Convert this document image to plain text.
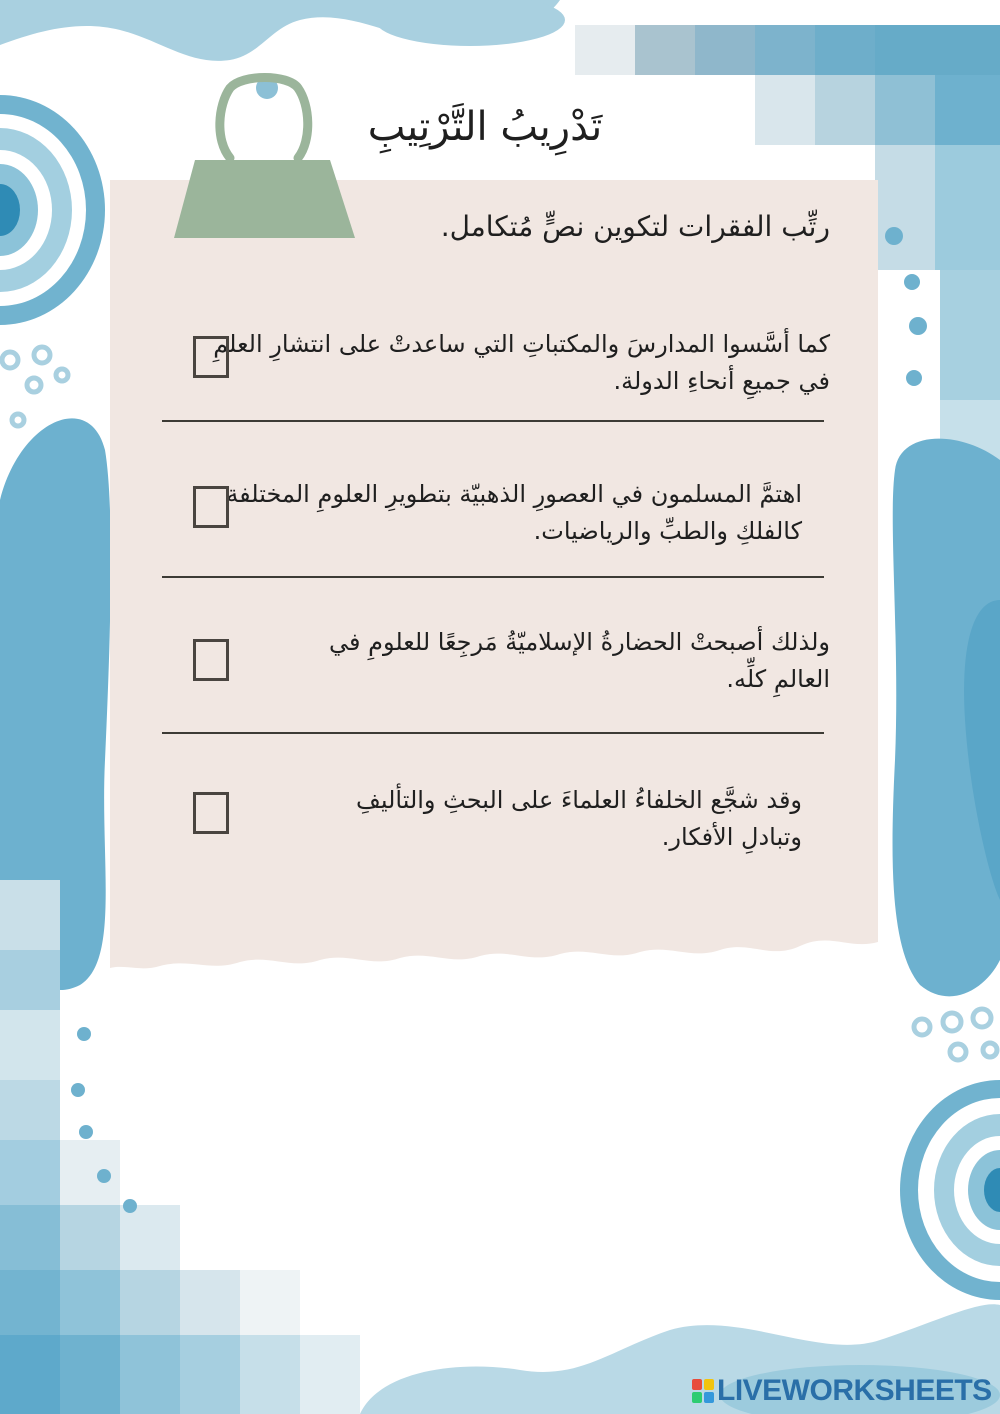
تَدْرِيبُ التَّرْتِيبِ
رتِّب الفقرات لتكوين نصٍّ مُتكامل.
كما أسَّسوا المدارسَ والمكتباتِ التي ساعدتْ على انتشارِ العلمِ في جميعِ أنحاءِ الدولة.
اهتمَّ المسلمون في العصورِ الذهبيّة بتطويرِ العلومِ المختلفة كالفلكِ والطبِّ والرياضيات.
ولذلك أصبحتْ الحضارةُ الإسلاميّةُ مَرجِعًا للعلومِ في العالمِ كلِّه.
وقد شجَّع الخلفاءُ العلماءَ على البحثِ والتأليفِ وتبادلِ الأفكار.
LIVEWORKSHEETS
